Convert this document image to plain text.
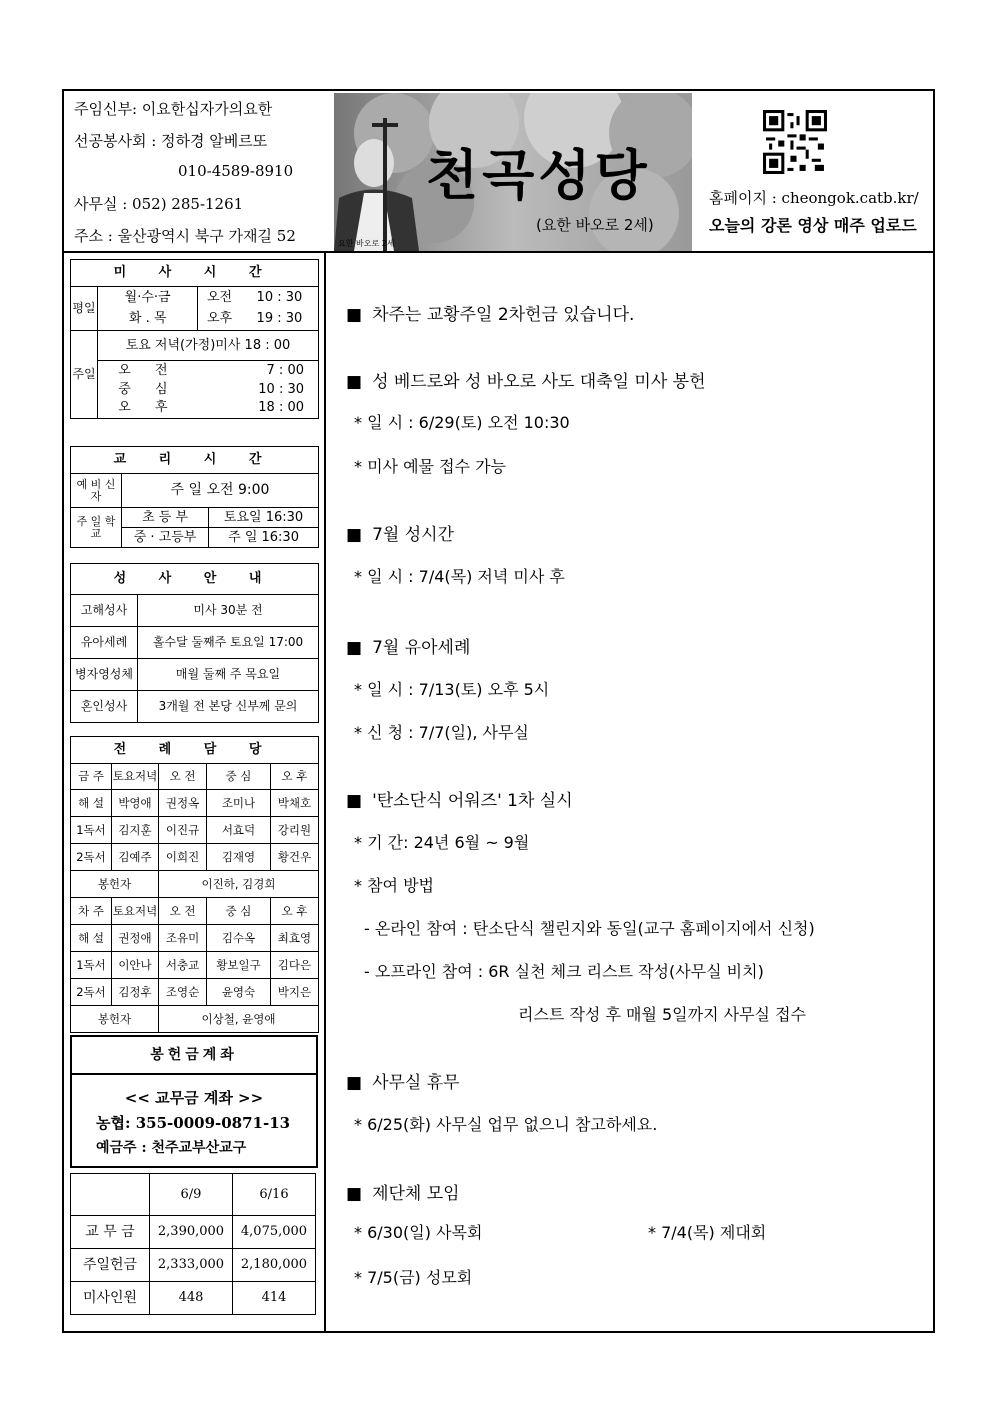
주임신부: 이요한십자가의요한
선공봉사회 : 정하경 알베르또
010-4589-8910
사무실 : 052) 285-1261
주소 : 울산광역시 북구 가재길 52	요한 바오로 2세
천곡성당
(요한 바오로 2세)
홈페이지 : cheongok.catb.kr/
오늘의 강론 영상 매주 업로드
미 사 시 간			
평일	월·수·금	오전	10 : 30
	화 . 목	오후	19 : 30
주일	토요 저녁(가정)미사 18 : 00		
	오 전	7 : 00	
	중 심	10 : 30	
	오 후	18 : 00	
교 리 시 간		
예 비 신 자	주 일 오전 9:00	
주 일 학 교	초 등 부	토요일 16:30
	중 · 고등부	주 일 16:30
성 사 안 내	
고해성사	미사 30분 전
유아세례	홀수달 둘째주 토요일 17:00
병자영성체	매월 둘째 주 목요일
혼인성사	3개월 전 본당 신부께 문의
전 례 담 당				
금 주	토요저녁	오 전	중 심	오 후
해 설	박영애	권정옥	조미나	박채호
1독서	김지훈	이진규	서효덕	강리원
2독서	김예주	이희진	김재영	황건우
봉헌자		이진하, 김경희		
차 주	토요저녁	오 전	중 심	오 후
해 설	권정애	조유미	김수옥	최효영
1독서	이안나	서충교	황보일구	김다은
2독서	김정후	조영순	윤영숙	박지은
봉헌자		이상철, 윤영애		
봉헌금계좌
<< 교무금 계좌 >>
농협: 355-0009-0871-13
예금주 : 천주교부산교구
	6/9	6/16
교 무 금	2,390,000	4,075,000
주일헌금	2,333,000	2,180,000
미사인원	448	414
■ 차주는 교황주일 2차헌금 있습니다.
■ 성 베드로와 성 바오로 사도 대축일 미사 봉헌
* 일 시 : 6/29(토) 오전 10:30
* 미사 예물 접수 가능
■ 7월 성시간
* 일 시 : 7/4(목) 저녁 미사 후
■ 7월 유아세례
* 일 시 : 7/13(토) 오후 5시
* 신 청 : 7/7(일), 사무실
■ '탄소단식 어워즈' 1차 실시
* 기 간: 24년 6월 ~ 9월
* 참여 방법
- 온라인 참여 : 탄소단식 챌린지와 동일(교구 홈페이지에서 신청)
- 오프라인 참여 : 6R 실천 체크 리스트 작성(사무실 비치)
리스트 작성 후 매월 5일까지 사무실 접수
■ 사무실 휴무
* 6/25(화) 사무실 업무 없으니 참고하세요.
■ 제단체 모임
* 6/30(일) 사목회	* 7/4(목) 제대회
* 7/5(금) 성모회
